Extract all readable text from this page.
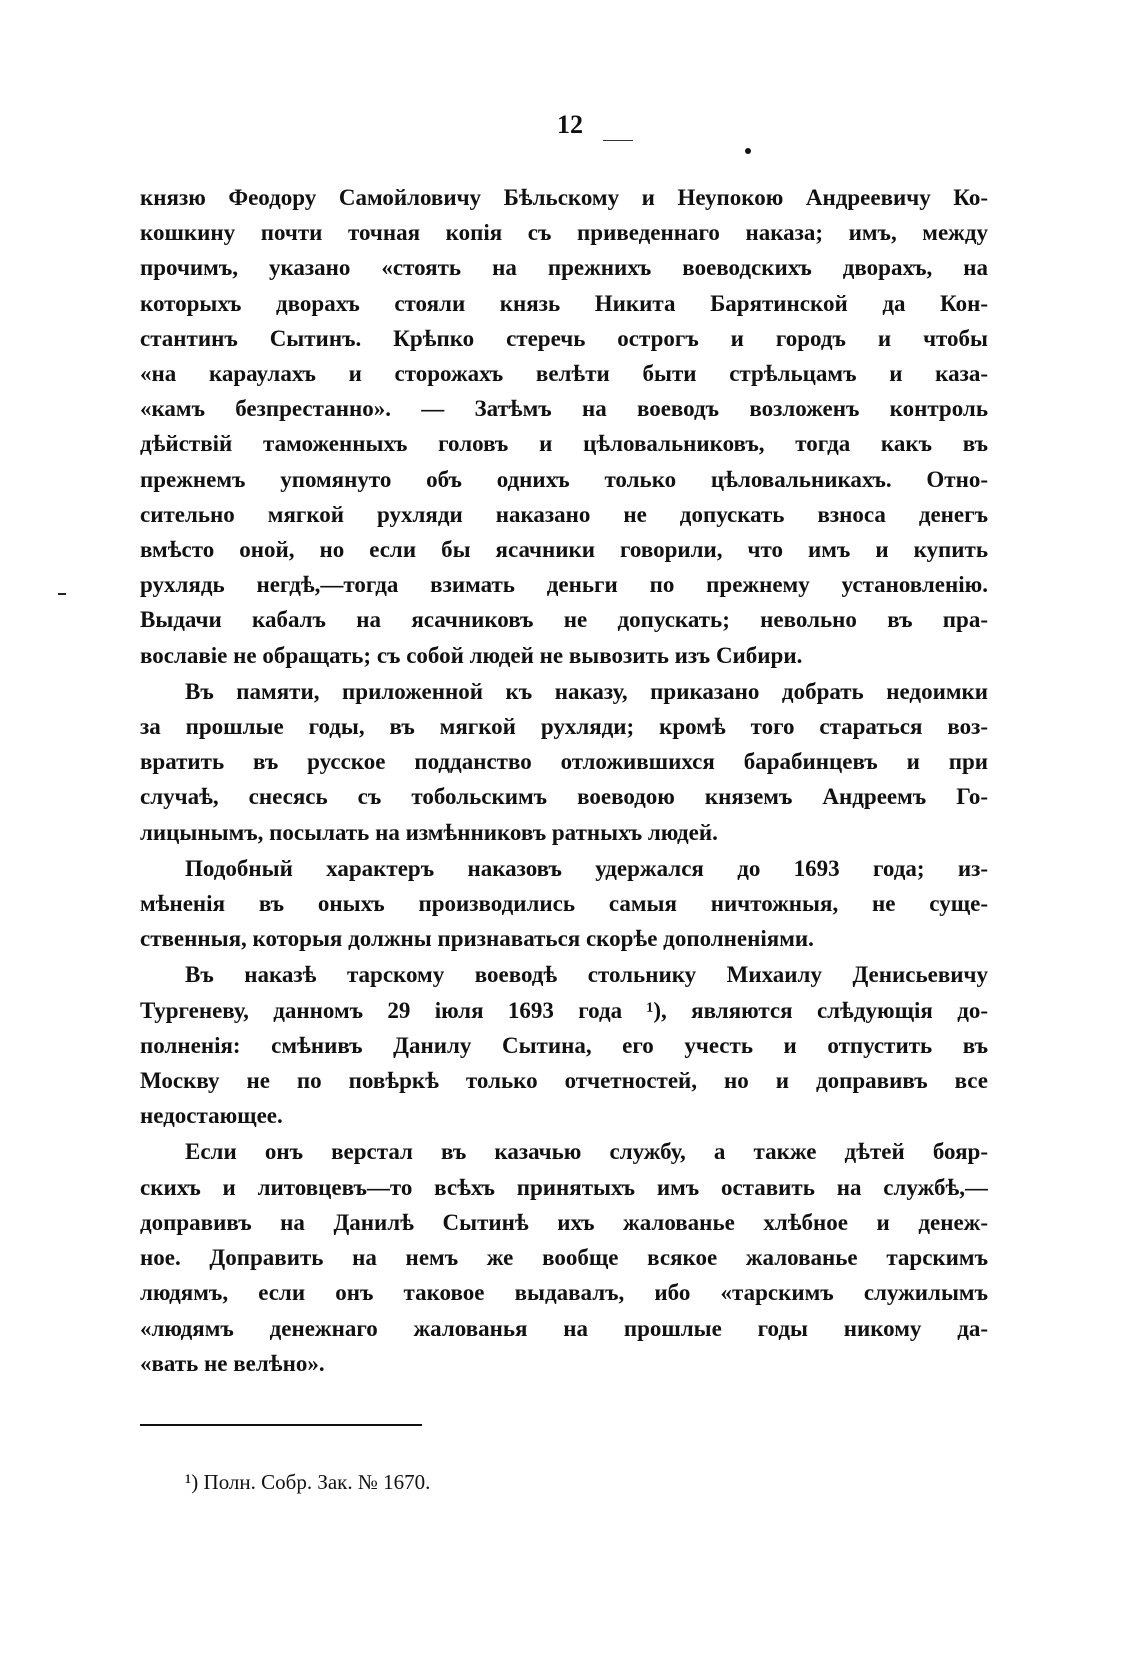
12
князю Феодору Самойловичу Бѣльскому и Неупокою Андреевичу Ко-
кошкину почти точная копія съ приведеннаго наказа; имъ, между
прочимъ, указано «стоять на прежнихъ воеводскихъ дворахъ, на
которыхъ дворахъ стояли князь Никита Барятинской да Кон-
стантинъ Сытинъ. Крѣпко стеречь острогъ и городъ и чтобы
«на караулахъ и сторожахъ велѣти быти стрѣльцамъ и каза-
«камъ безпрестанно». — Затѣмъ на воеводъ возложенъ контроль
дѣйствій таможенныхъ головъ и цѣловальниковъ, тогда какъ въ
прежнемъ упомянуто объ однихъ только цѣловальникахъ. Отно-
сительно мягкой рухляди наказано не допускать взноса денегъ
вмѣсто оной, но если бы ясачники говорили, что имъ и купить
рухлядь негдѣ,—тогда взимать деньги по прежнему установленію.
Выдачи кабалъ на ясачниковъ не допускать; невольно въ пра-
вославіе не обращать; съ собой людей не вывозить изъ Сибири.
Въ памяти, приложенной къ наказу, приказано добрать недоимки
за прошлые годы, въ мягкой рухляди; кромѣ того стараться воз-
вратить въ русское подданство отложившихся барабинцевъ и при
случаѣ, снесясь съ тобольскимъ воеводою княземъ Андреемъ Го-
лицынымъ, посылать на измѣнниковъ ратныхъ людей.
Подобный характеръ наказовъ удержался до 1693 года; из-
мѣненія въ оныхъ производились самыя ничтожныя, не суще-
ственныя, которыя должны признаваться скорѣе дополненіями.
Въ наказѣ тарскому воеводѣ стольнику Михаилу Денисьевичу
Тургеневу, данномъ 29 іюля 1693 года ¹), являются слѣдующія до-
полненія: смѣнивъ Данилу Сытина, его учесть и отпустить въ
Москву не по повѣркѣ только отчетностей, но и доправивъ все
недостающее.
Если онъ верстал въ казачью службу, а также дѣтей бояр-
скихъ и литовцевъ—то всѣхъ принятыхъ имъ оставить на службѣ,—
доправивъ на Данилѣ Сытинѣ ихъ жалованье хлѣбное и денеж-
ное. Доправить на немъ же вообще всякое жалованье тарскимъ
людямъ, если онъ таковое выдавалъ, ибо «тарскимъ служилымъ
«людямъ денежнаго жалованья на прошлые годы никому да-
«вать не велѣно».
¹) Полн. Собр. Зак. № 1670.
